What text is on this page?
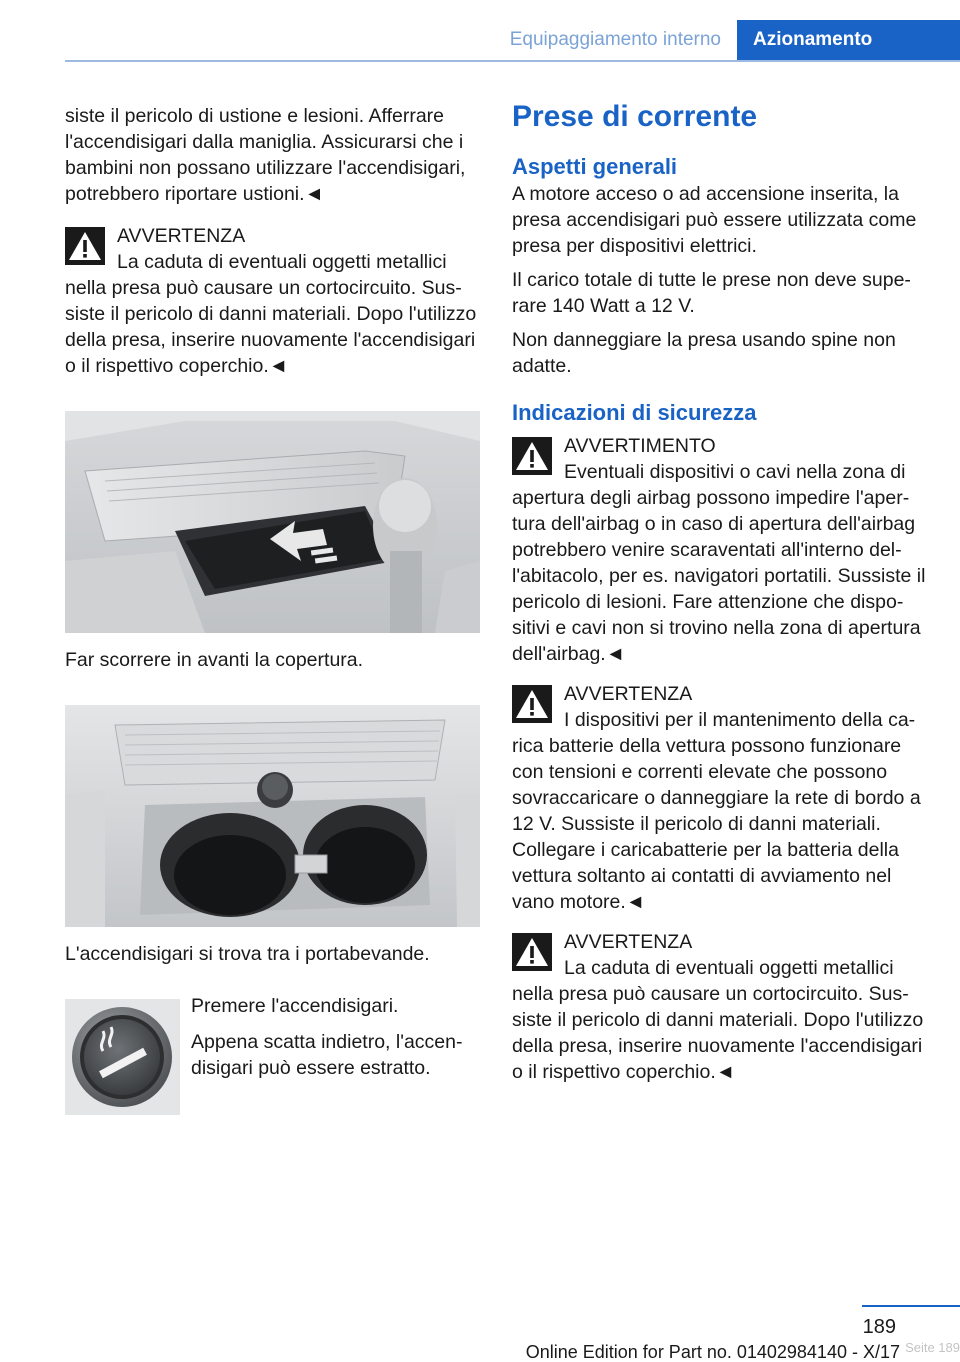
Equipaggiamento interno	Azionamento

siste il pericolo di ustione e lesioni. Afferrare l'accendisigari dalla maniglia. Assicurarsi che i bambini non possano utilizzare l'accendisigari, potrebbero riportare ustioni.◄

AVVERTENZA

La caduta di eventuali oggetti metallici nella presa può causare un cortocircuito. Sussiste il pericolo di danni materiali. Dopo l'utilizzo della presa, inserire nuovamente l'accendisigari o il rispettivo coperchio.◄

Far scorrere in avanti la copertura.

L'accendisigari si trova tra i portabevande.

Premere l'accendisigari.

Appena scatta indietro, l'accendisigari può essere estratto.

Prese di corrente
Aspetti generali

A motore acceso o ad accensione inserita, la presa accendisigari può essere utilizzata come presa per dispositivi elettrici.

Il carico totale di tutte le prese non deve superare 140 Watt a 12 V.

Non danneggiare la presa usando spine non adatte.

Indicazioni di sicurezza
AVVERTIMENTO

Eventuali dispositivi o cavi nella zona di apertura degli airbag possono impedire l'apertura dell'airbag o in caso di apertura dell'airbag potrebbero venire scaraventati all'interno dell'abitacolo, per es. navigatori portatili. Sussiste il pericolo di lesioni. Fare attenzione che dispositivi e cavi non si trovino nella zona di apertura dell'airbag.◄

AVVERTENZA

I dispositivi per il mantenimento della carica batterie della vettura possono funzionare con tensioni e correnti elevate che possono sovraccaricare o danneggiare la rete di bordo a 12 V. Sussiste il pericolo di danni materiali. Collegare i caricabatterie per la batteria della vettura soltanto ai contatti di avviamento nel vano motore.◄

AVVERTENZA

La caduta di eventuali oggetti metallici nella presa può causare un cortocircuito. Sussiste il pericolo di danni materiali. Dopo l'utilizzo della presa, inserire nuovamente l'accendisigari o il rispettivo coperchio.◄

189
Seite 189
Online Edition for Part no. 01402984140 - X/17
